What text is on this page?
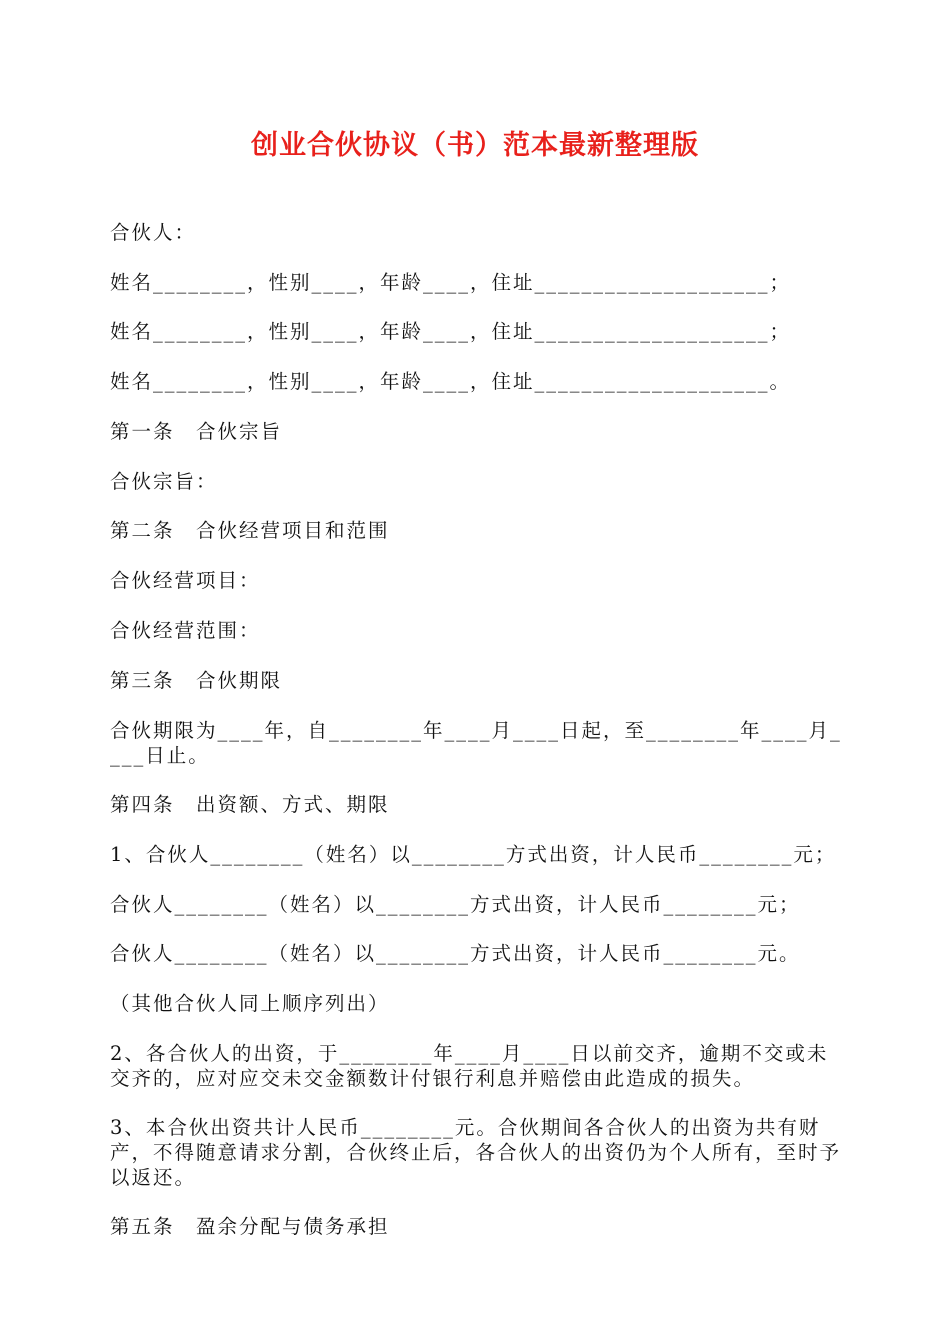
创业合伙协议（书）范本最新整理版
合伙人：
姓名________，性别____，年龄____，住址____________________；
姓名________，性别____，年龄____，住址____________________；
姓名________，性别____，年龄____，住址____________________。
第一条　合伙宗旨
合伙宗旨：
第二条　合伙经营项目和范围
合伙经营项目：
合伙经营范围：
第三条　合伙期限
合伙期限为____年，自________年____月____日起，至________年____月____日止。
第四条　出资额、方式、期限
1、合伙人________（姓名）以________方式出资，计人民币________元；
合伙人________（姓名）以________方式出资，计人民币________元；
合伙人________（姓名）以________方式出资，计人民币________元。
（其他合伙人同上顺序列出）
2、各合伙人的出资，于________年____月____日以前交齐，逾期不交或未交齐的，应对应交未交金额数计付银行利息并赔偿由此造成的损失。
3、本合伙出资共计人民币________元。合伙期间各合伙人的出资为共有财产，不得随意请求分割，合伙终止后，各合伙人的出资仍为个人所有，至时予以返还。
第五条　盈余分配与债务承担
